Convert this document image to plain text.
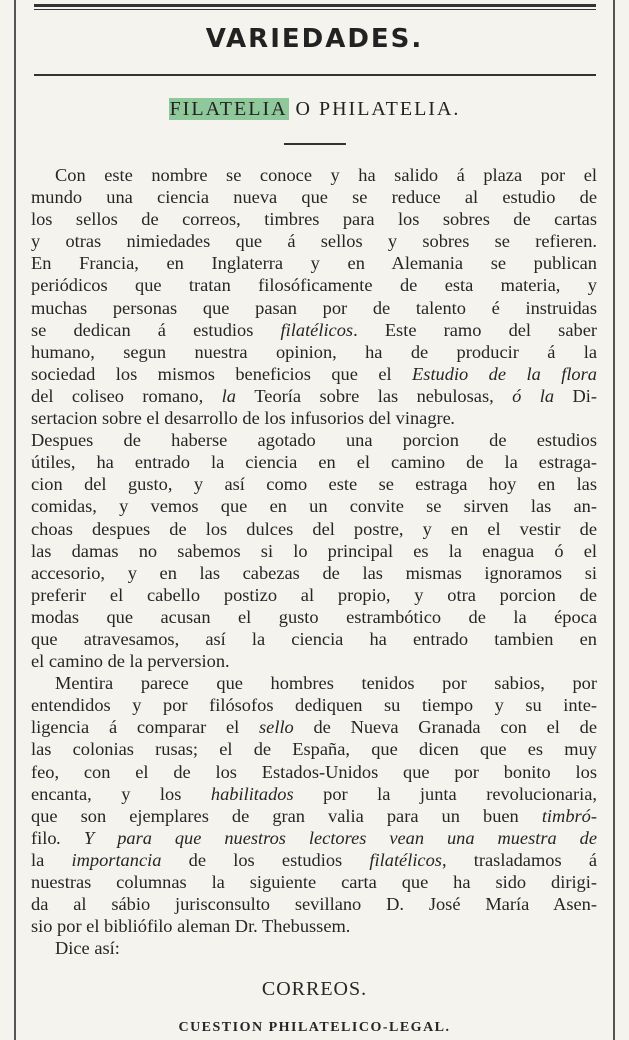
VARIEDADES.
FILATELIA O PHILATELIA.
Con este nombre se conoce y ha salido á plaza por el
mundo una ciencia nueva que se reduce al estudio de
los sellos de correos, timbres para los sobres de cartas
y otras nimiedades que á sellos y sobres se refieren.
En Francia, en Inglaterra y en Alemania se publican
periódicos que tratan filosóficamente de esta materia, y
muchas personas que pasan por de talento é instruidas
se dedican á estudios filatélicos. Este ramo del saber
humano, segun nuestra opinion, ha de producir á la
sociedad los mismos beneficios que el Estudio de la flora
del coliseo romano, la Teoría sobre las nebulosas, ó la Di-
sertacion sobre el desarrollo de los infusorios del vinagre.
Despues de haberse agotado una porcion de estudios
útiles, ha entrado la ciencia en el camino de la estraga-
cion del gusto, y así como este se estraga hoy en las
comidas, y vemos que en un convite se sirven las an-
choas despues de los dulces del postre, y en el vestir de
las damas no sabemos si lo principal es la enagua ó el
accesorio, y en las cabezas de las mismas ignoramos si
preferir el cabello postizo al propio, y otra porcion de
modas que acusan el gusto estrambótico de la época
que atravesamos, así la ciencia ha entrado tambien en
el camino de la perversion.
Mentira parece que hombres tenidos por sabios, por
entendidos y por filósofos dediquen su tiempo y su inte-
ligencia á comparar el sello de Nueva Granada con el de
las colonias rusas; el de España, que dicen que es muy
feo, con el de los Estados-Unidos que por bonito los
encanta, y los habilitados por la junta revolucionaria,
que son ejemplares de gran valia para un buen timbró-
filo. Y para que nuestros lectores vean una muestra de
la importancia de los estudios filatélicos, trasladamos á
nuestras columnas la siguiente carta que ha sido dirigi-
da al sábio jurisconsulto sevillano D. José María Asen-
sio por el bibliófilo aleman Dr. Thebussem.
Dice así:
CORREOS.
CUESTION PHILATELICO-LEGAL.
